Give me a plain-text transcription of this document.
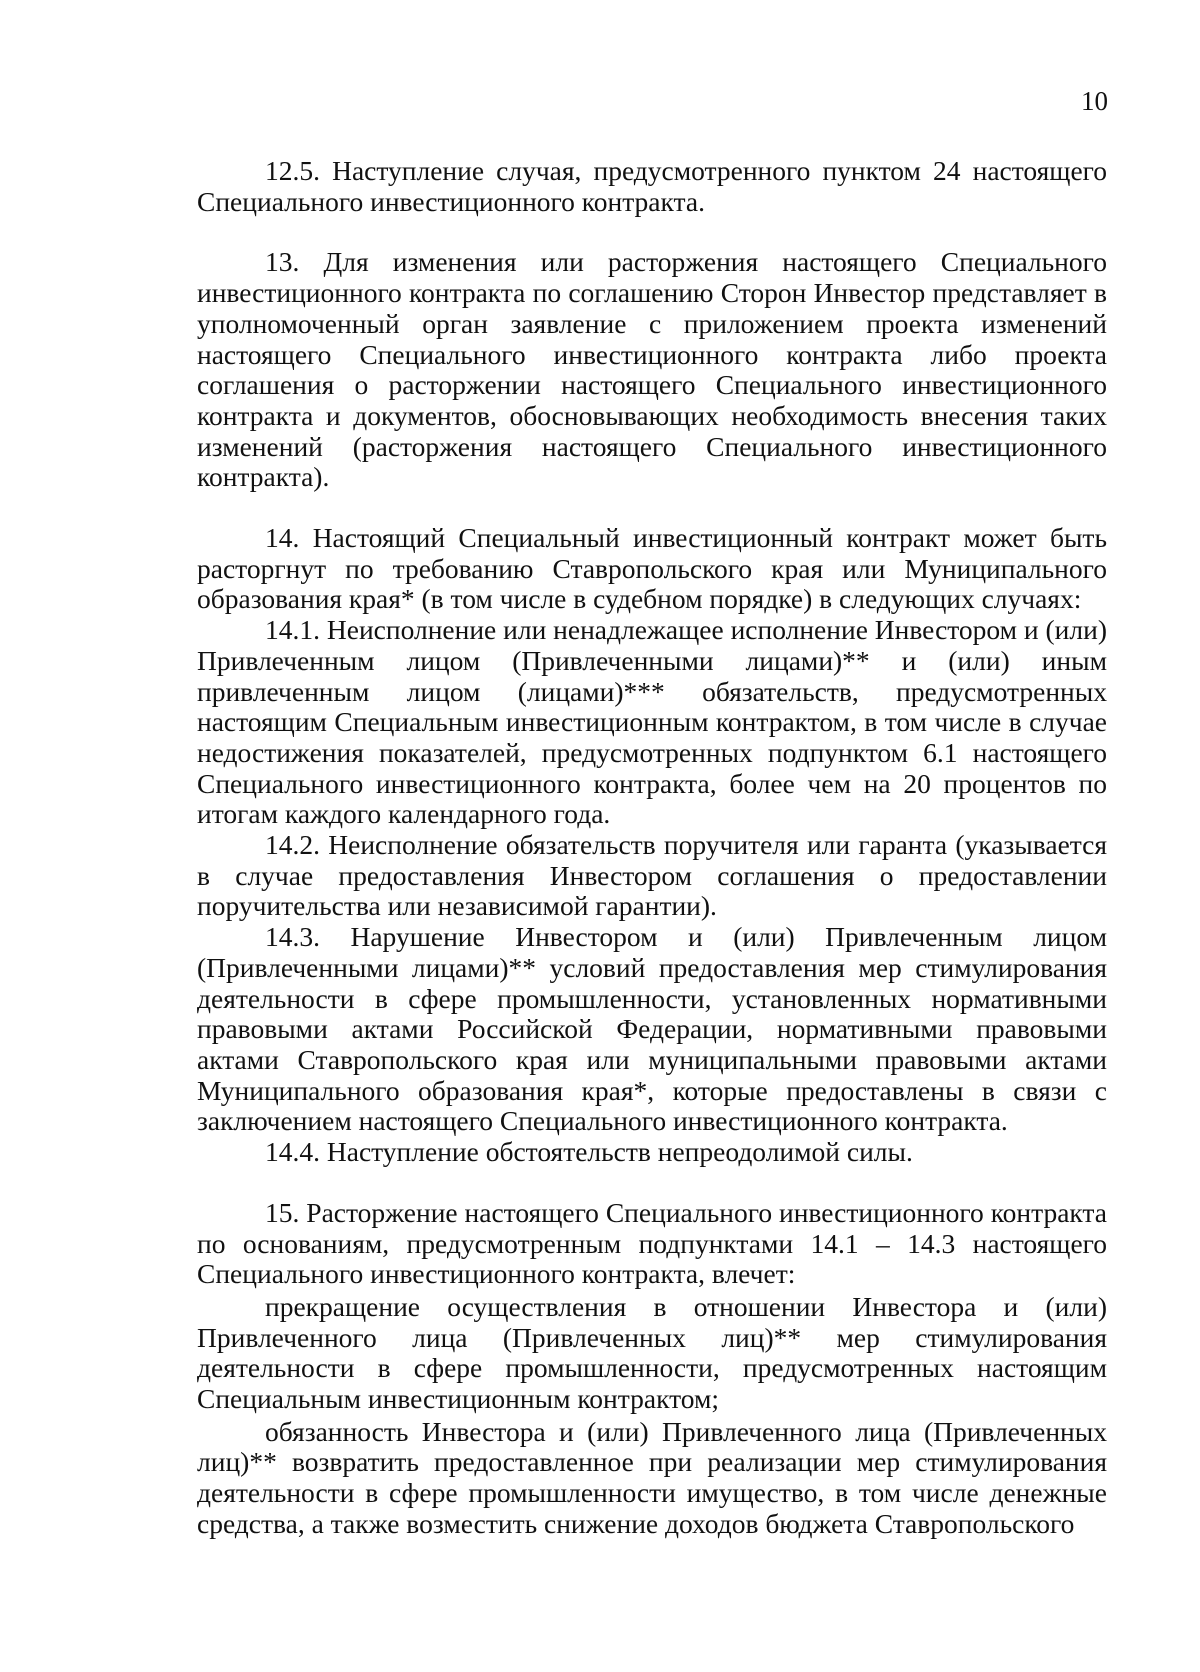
10

12.5. Наступление случая, предусмотренного пунктом 24 настоящего Специального инвестиционного контракта.

13. Для изменения или расторжения настоящего Специального инвестиционного контракта по соглашению Сторон Инвестор представляет в уполномоченный орган заявление с приложением проекта изменений настоящего Специального инвестиционного контракта либо проекта соглашения о расторжении настоящего Специального инвестиционного контракта и документов, обосновывающих необходимость внесения таких изменений (расторжения настоящего Специального инвестиционного контракта).

14. Настоящий Специальный инвестиционный контракт может быть расторгнут по требованию Ставропольского края или Муниципального образования края* (в том числе в судебном порядке) в следующих случаях:

14.1. Неисполнение или ненадлежащее исполнение Инвестором и (или) Привлеченным лицом (Привлеченными лицами)** и (или) иным привлеченным лицом (лицами)*** обязательств, предусмотренных настоящим Специальным инвестиционным контрактом, в том числе в случае недостижения показателей, предусмотренных подпунктом 6.1 настоящего Специального инвестиционного контракта, более чем на 20 процентов по итогам каждого календарного года.

14.2. Неисполнение обязательств поручителя или гаранта (указывается в случае предоставления Инвестором соглашения о предоставлении поручительства или независимой гарантии).

14.3. Нарушение Инвестором и (или) Привлеченным лицом (Привлеченными лицами)** условий предоставления мер стимулирования деятельности в сфере промышленности, установленных нормативными правовыми актами Российской Федерации, нормативными правовыми актами Ставропольского края или муниципальными правовыми актами Муниципального образования края*, которые предоставлены в связи с заключением настоящего Специального инвестиционного контракта.

14.4. Наступление обстоятельств непреодолимой силы.

15. Расторжение настоящего Специального инвестиционного контракта по основаниям, предусмотренным подпунктами 14.1 – 14.3 настоящего Специального инвестиционного контракта, влечет:

прекращение осуществления в отношении Инвестора и (или) Привлеченного лица (Привлеченных лиц)** мер стимулирования деятельности в сфере промышленности, предусмотренных настоящим Специальным инвестиционным контрактом;

обязанность Инвестора и (или) Привлеченного лица (Привлеченных лиц)** возвратить предоставленное при реализации мер стимулирования деятельности в сфере промышленности имущество, в том числе денежные средства, а также возместить снижение доходов бюджета Ставропольского
